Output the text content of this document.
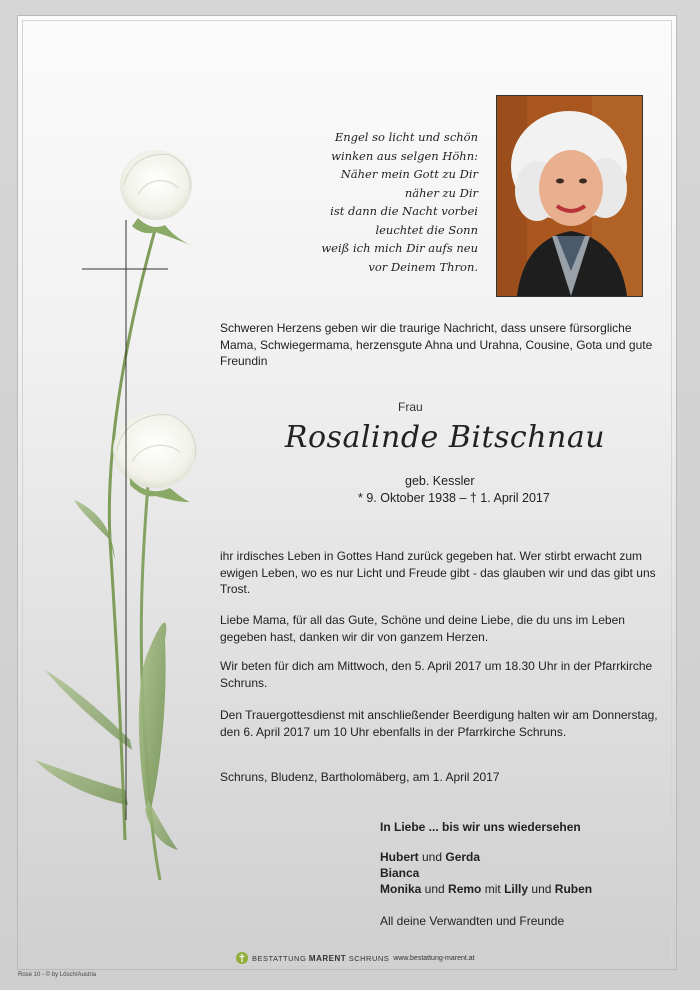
Engel so licht und schön
winken aus selgen Höhn:
Näher mein Gott zu Dir
näher zu Dir
ist dann die Nacht vorbei
leuchtet die Sonn
weiß ich mich Dir aufs neu
vor Deinem Thron.
Schweren Herzens geben wir die traurige Nachricht, dass unsere fürsorgliche Mama, Schwiegermama, herzensgute Ahna und Urahna, Cousine, Gota und gute Freundin
Frau
Rosalinde Bitschnau
geb. Kessler
* 9. Oktober 1938 – † 1. April 2017
ihr irdisches Leben in Gottes Hand zurück gegeben hat. Wer stirbt erwacht zum ewigen Leben, wo es nur Licht und Freude gibt - das glauben wir und das gibt uns Trost.
Liebe Mama, für all das Gute, Schöne und deine Liebe, die du uns im Leben gegeben hast, danken wir dir von ganzem Herzen.
Wir beten für dich am Mittwoch, den 5. April 2017 um 18.30 Uhr in der Pfarrkirche Schruns.
Den Trauergottesdienst mit anschließender Beerdigung halten wir am Donnerstag, den 6. April 2017 um 10 Uhr ebenfalls in der Pfarrkirche Schruns.
Schruns, Bludenz, Bartholomäberg, am 1. April 2017
In Liebe ... bis wir uns wiedersehen
Hubert und Gerda
Bianca
Monika und Remo mit Lilly und Ruben
All deine Verwandten und Freunde
BESTATTUNG MARENT SCHRUNS www.bestattung-marent.at
Rose 10 - © by Lösch/Austria
